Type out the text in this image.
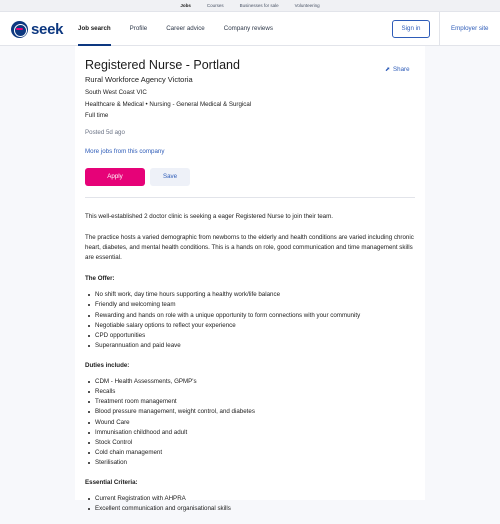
Jobs	Courses	Businesses for sale	Volunteering
seek Job search	Profile	Career advice	Company reviews	Sign in	Employer site
Registered Nurse - Portland	⬈ Share
Rural Workforce Agency Victoria
South West Coast VIC
Healthcare & Medical • Nursing - General Medical & Surgical
Full time
Posted 5d ago
More jobs from this company
Apply	Save

This well-established 2 doctor clinic is seeking a eager Registered Nurse to join their team.

The practice hosts a varied demographic from newborns to the elderly and health conditions are varied including chronic heart, diabetes, and mental health conditions. This is a hands on role, good communication and time management skills are essential.

The Offer:
No shift work, day time hours supporting a healthy work/life balance
Friendly and welcoming team
Rewarding and hands on role with a unique opportunity to form connections with your community
Negotiable salary options to reflect your experience
CPD opportunities
Superannuation and paid leave
Duties include:
CDM - Health Assessments, GPMP's
Recalls
Treatment room management
Blood pressure management, weight control, and diabetes
Wound Care
Immunisation childhood and adult
Stock Control
Cold chain management
Sterilisation
Essential Criteria:
Current Registration with AHPRA
Excellent communication and organisational skills
